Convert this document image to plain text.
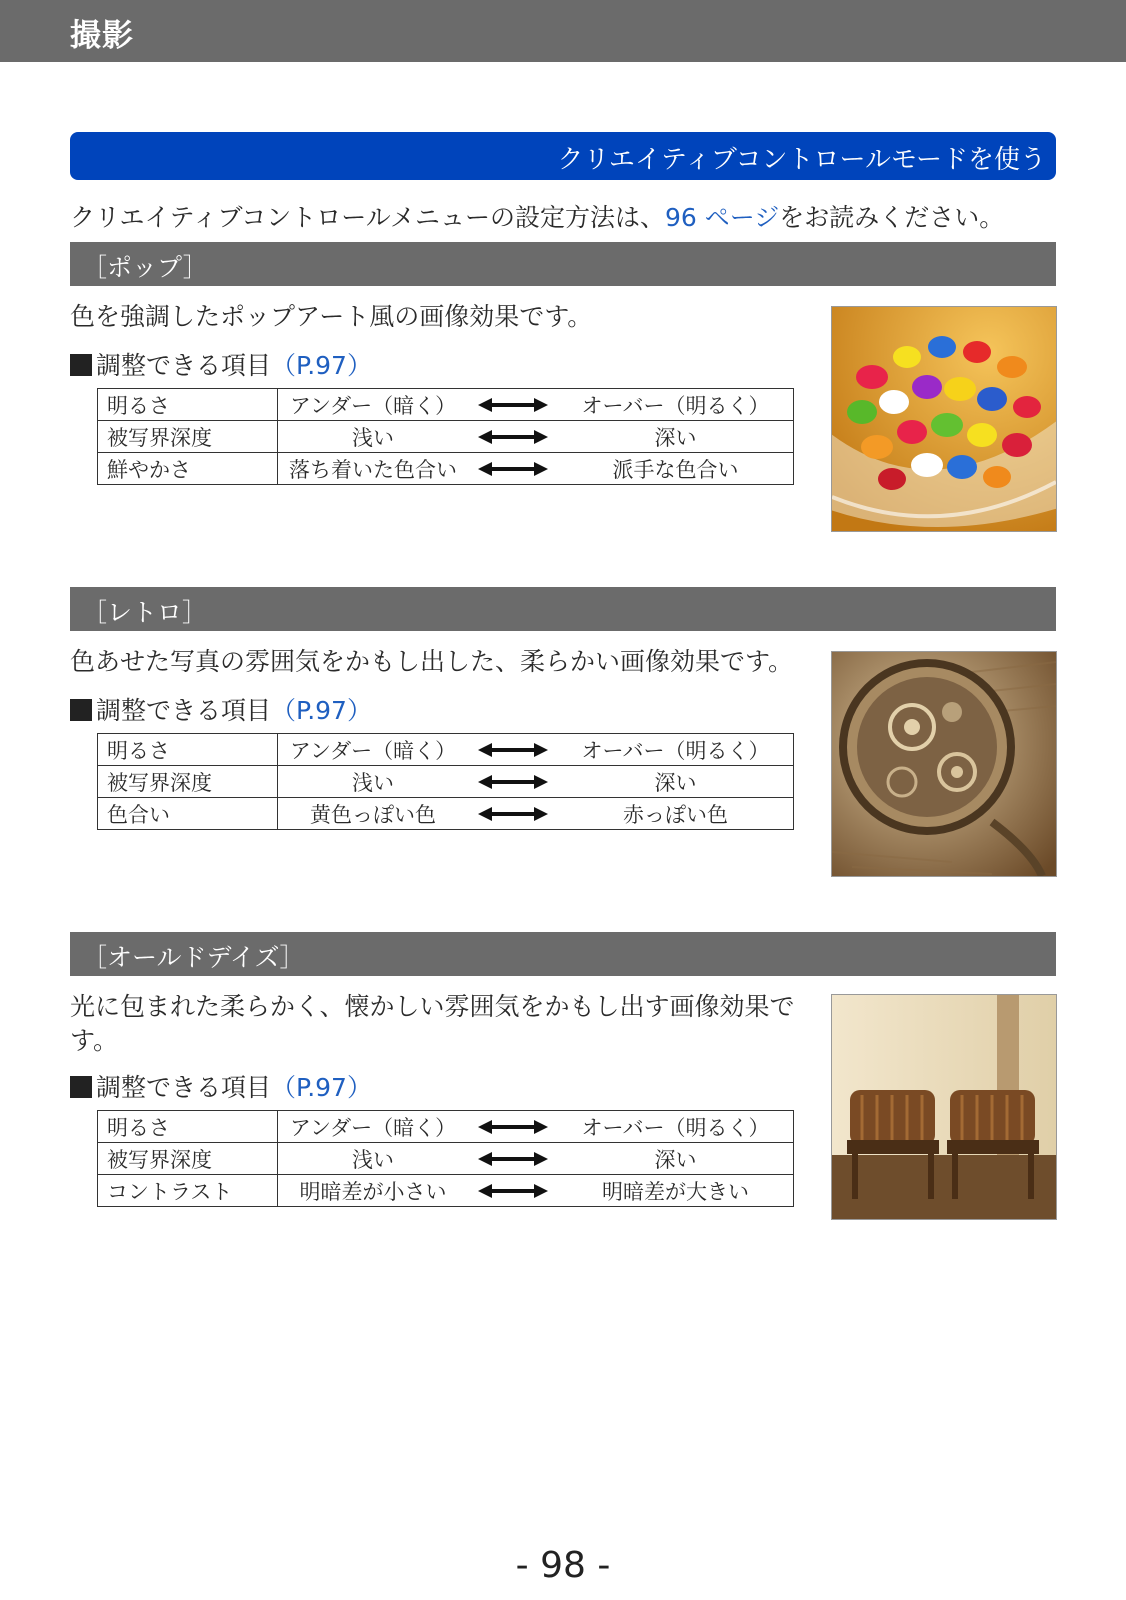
撮影
クリエイティブコントロールモードを使う
クリエイティブコントロールメニューの設定方法は、96 ページをお読みください。
［ポップ］
色を強調したポップアート風の画像効果です。
調整できる項目（P.97）
明るさ	アンダー（暗く）		オーバー（明るく）
被写界深度	浅い		深い
鮮やかさ	落ち着いた色合い		派手な色合い
［レトロ］
色あせた写真の雰囲気をかもし出した、柔らかい画像効果です。
調整できる項目（P.97）
明るさ	アンダー（暗く）		オーバー（明るく）
被写界深度	浅い		深い
色合い	黄色っぽい色		赤っぽい色
［オールドデイズ］
光に包まれた柔らかく、懐かしい雰囲気をかもし出す画像効果です。
調整できる項目（P.97）
明るさ	アンダー（暗く）		オーバー（明るく）
被写界深度	浅い		深い
コントラスト	明暗差が小さい		明暗差が大きい
- 98 -
